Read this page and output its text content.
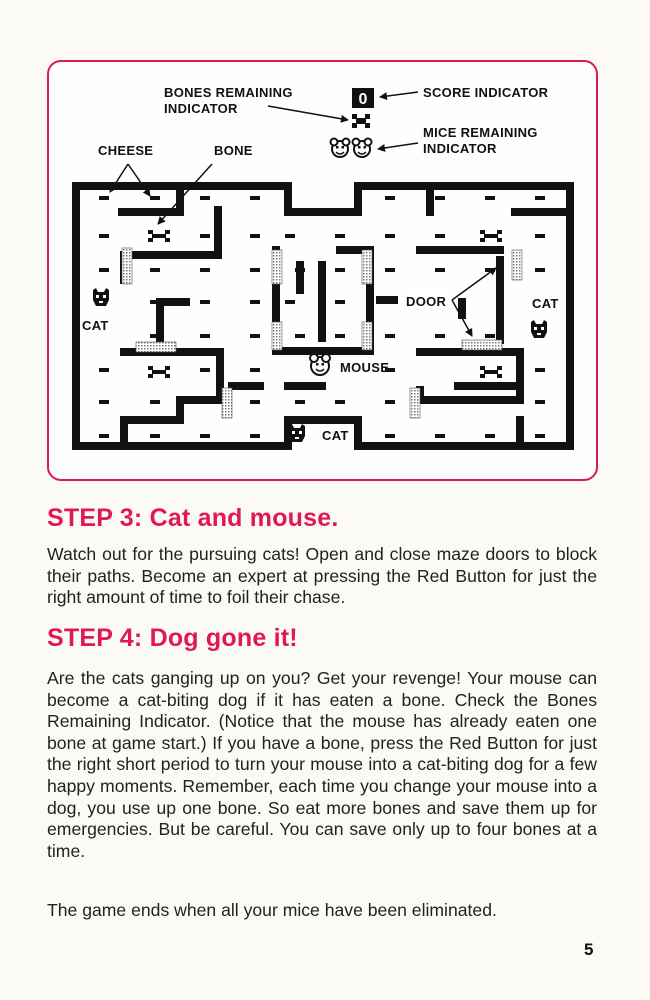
0
BONES REMAINING
INDICATOR
SCORE INDICATOR
MICE REMAINING
INDICATOR
CHEESE	BONE
DOOR
CAT
CAT
CAT
MOUSE
STEP 3: Cat and mouse.

Watch out for the pursuing cats! Open and close maze doors to block their paths. Become an expert at pressing the Red Button for just the right amount of time to foil their chase.

STEP 4: Dog gone it!

Are the cats ganging up on you? Get your revenge! Your mouse can become a cat-biting dog if it has eaten a bone. Check the Bones Remaining Indicator. (Notice that the mouse has already eaten one bone at game start.) If you have a bone, press the Red Button for just the right short period to turn your mouse into a cat-biting dog for a few happy moments. Remember, each time you change your mouse into a dog, you use up one bone. So eat more bones and save them up for emergencies. But be careful. You can save only up to four bones at a time.

The game ends when all your mice have been eliminated.

5
